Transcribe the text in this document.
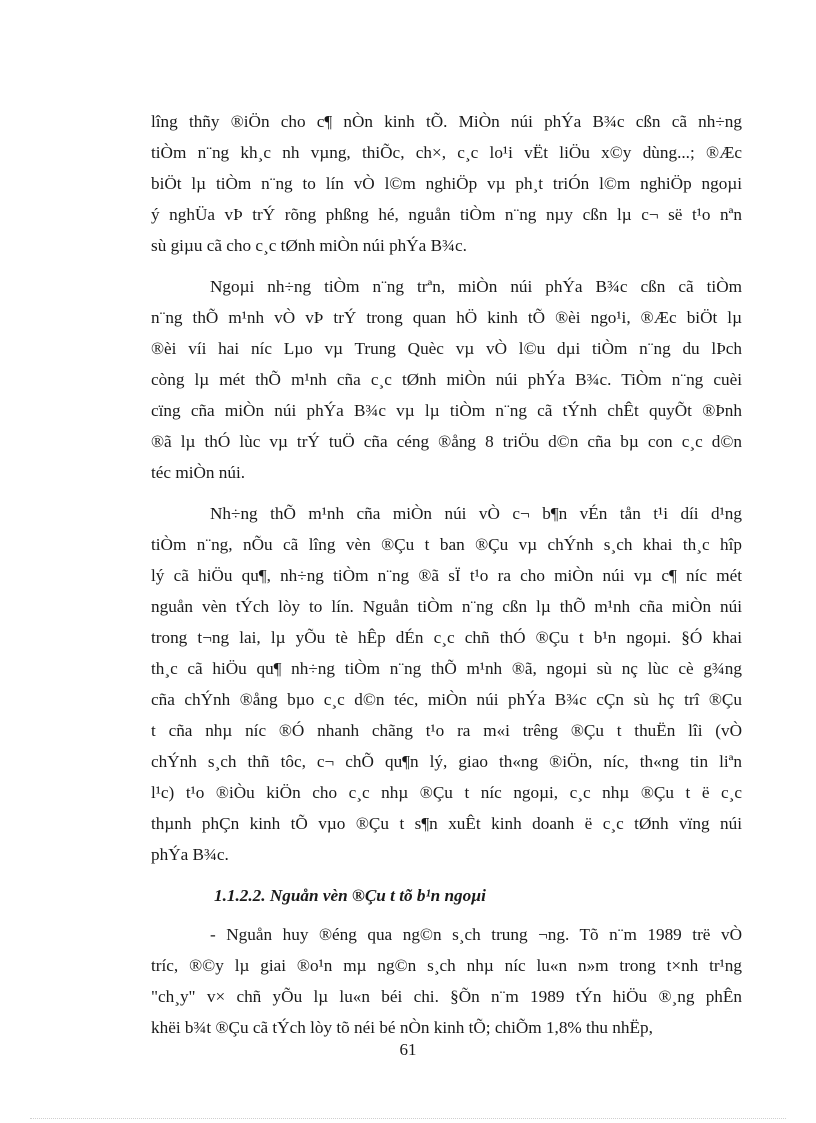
lîng thñy ®iÖn cho c¶ nÒn kinh tÕ. MiÒn núi phÝa B¾c cßn cã nh÷ng
tiÒm n¨ng kh¸c nh vµng, thiÕc, ch×, c¸c lo¹i vËt liÖu x©y dùng...; ®Æc
biÖt lµ tiÒm n¨ng to lín vÒ l©m nghiÖp vµ ph¸t triÓn l©m nghiÖp ngoµi
ý nghÜa vÞ trÝ rõng phßng hé, nguån tiÒm n¨ng nµy cßn lµ c¬ së t¹o nªn
sù giµu cã cho c¸c tØnh miÒn núi phÝa B¾c.
Ngoµi nh÷ng tiÒm n¨ng trªn, miÒn núi phÝa B¾c cßn cã tiÒm
n¨ng thÕ m¹nh vÒ vÞ trÝ trong quan hÖ kinh tÕ ®èi ngo¹i, ®Æc biÖt lµ
®èi víi hai níc Lµo vµ Trung Quèc vµ vÒ l©u dµi tiÒm n¨ng du lÞch
còng lµ mét thÕ m¹nh cña c¸c tØnh miÒn núi phÝa B¾c. TiÒm n¨ng cuèi
cïng cña miÒn núi phÝa B¾c vµ lµ tiÒm n¨ng cã tÝnh chÊt quyÕt ®Þnh
®ã lµ thÓ lùc vµ trÝ tuÖ cña céng ®ång 8 triÖu d©n cña bµ con c¸c d©n
téc miÒn núi.
Nh÷ng thÕ m¹nh cña miÒn núi vÒ c¬ b¶n vÉn tån t¹i díi d¹ng
tiÒm n¨ng, nÕu cã lîng vèn ®Çu t ban ®Çu vµ chÝnh s¸ch khai th¸c hîp
lý cã hiÖu qu¶, nh÷ng tiÒm n¨ng ®ã sÏ t¹o ra cho miÒn núi vµ c¶ níc mét
nguån vèn tÝch lòy to lín. Nguån tiÒm n¨ng cßn lµ thÕ m¹nh cña miÒn núi
trong t¬ng lai, lµ yÕu tè hÊp dÉn c¸c chñ thÓ ®Çu t b¹n ngoµi. §Ó khai
th¸c cã hiÖu qu¶ nh÷ng tiÒm n¨ng thÕ m¹nh ®ã, ngoµi sù nç lùc cè g¾ng
cña chÝnh ®ång bµo c¸c d©n téc, miÒn núi phÝa B¾c cÇn sù hç trî ®Çu
t cña nhµ níc ®Ó nhanh chãng t¹o ra m«i trêng ®Çu t thuËn lîi (vÒ
chÝnh s¸ch thñ tôc, c¬ chÕ qu¶n lý, giao th«ng ®iÖn, níc, th«ng tin liªn
l¹c) t¹o ®iÒu kiÖn cho c¸c nhµ ®Çu t níc ngoµi, c¸c nhµ ®Çu t ë c¸c
thµnh phÇn kinh tÕ vµo ®Çu t s¶n xuÊt kinh doanh ë c¸c tØnh vïng núi
phÝa B¾c.
1.1.2.2. Nguån vèn ®Çu t tõ b¹n ngoµi
- Nguån huy ®éng qua ng©n s¸ch trung ¬ng. Tõ n¨m 1989 trë vÒ
tríc, ®©y lµ giai ®o¹n mµ ng©n s¸ch nhµ níc lu«n n»m trong t×nh tr¹ng
"ch¸y" v× chñ yÕu lµ lu«n béi chi. §Õn n¨m 1989 tÝn hiÖu ®¸ng phÊn
khëi b¾t ®Çu cã tÝch lòy tõ néi bé nÒn kinh tÕ; chiÕm 1,8% thu nhËp,
61
